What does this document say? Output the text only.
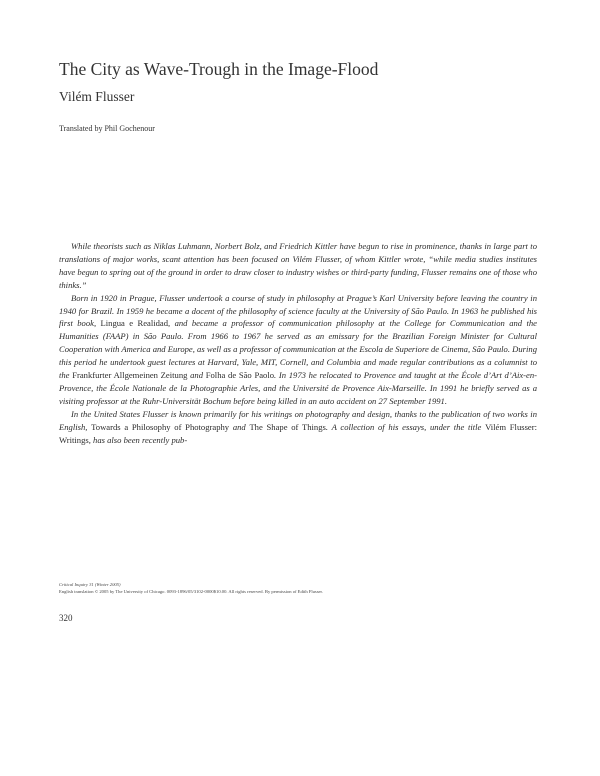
The City as Wave-Trough in the Image-Flood
Vilém Flusser
Translated by Phil Gochenour

While theorists such as Niklas Luhmann, Norbert Bolz, and Friedrich Kittler have begun to rise in prominence, thanks in large part to translations of major works, scant attention has been focused on Vilém Flusser, of whom Kittler wrote, “while media studies institutes have begun to spring out of the ground in order to draw closer to industry wishes or third-party funding, Flusser remains one of those who thinks.”

Born in 1920 in Prague, Flusser undertook a course of study in philosophy at Prague’s Karl University before leaving the country in 1940 for Brazil. In 1959 he became a docent of the philosophy of science faculty at the University of São Paulo. In 1963 he published his first book, Lingua e Realidad, and became a professor of communication philosophy at the College for Communication and the Humanities (FAAP) in São Paulo. From 1966 to 1967 he served as an emissary for the Brazilian Foreign Minister for Cultural Cooperation with America and Europe, as well as a professor of communication at the Escola de Superiore de Cinema, São Paulo. During this period he undertook guest lectures at Harvard, Yale, MIT, Cornell, and Columbia and made regular contributions as a columnist to the Frankfurter Allgemeinen Zeitung and Folha de São Paolo. In 1973 he relocated to Provence and taught at the École d’Art d’Aix-en-Provence, the École Nationale de la Photographie Arles, and the Université de Provence Aix-Marseille. In 1991 he briefly served as a visiting professor at the Ruhr-Universität Bochum before being killed in an auto accident on 27 September 1991.

In the United States Flusser is known primarily for his writings on photography and design, thanks to the publication of two works in English, Towards a Philosophy of Photography and The Shape of Things. A collection of his essays, under the title Vilém Flusser: Writings, has also been recently pub-

Critical Inquiry 31 (Winter 2005)
English translation © 2005 by The University of Chicago. 0093-1896/05/3102-0000$10.00. All rights reserved. By permission of Edith Flusser.
320
